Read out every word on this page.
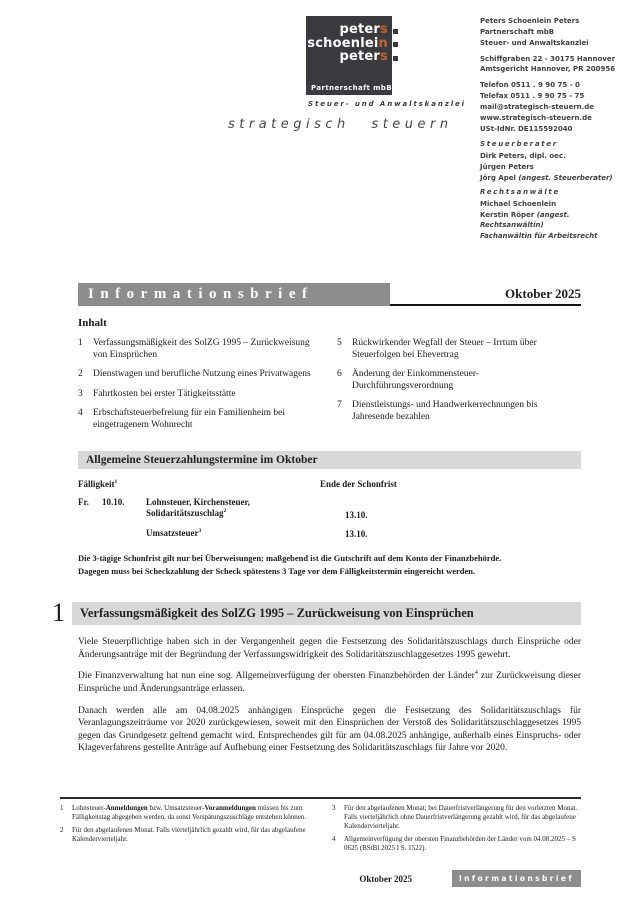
peters
schoenlein
peters
Partnerschaft mbB
Steuer- und Anwaltskanzlei
strategisch steuern
Peters Schoenlein Peters
Partnerschaft mbB
Steuer- und Anwaltskanzlei
Schiffgraben 22 - 30175 Hannover
Amtsgericht Hannover, PR 200956
Telefon 0511 . 9 90 75 - 0
Telefax 0511 . 9 90 75 - 75
mail@strategisch-steuern.de
www.strategisch-steuern.de
USt-IdNr. DE115592040
Steuerberater
Dirk Peters, dipl. oec.
Jürgen Peters
Jörg Apel (angest. Steuerberater)
Rechtsanwälte
Michael Schoenlein
Kerstin Röper (angest. Rechtsanwältin)
Fachanwältin für Arbeitsrecht
Informationsbrief	Oktober 2025
Inhalt
1	Verfassungsmäßigkeit des SolZG 1995 – Zurückweisung von Einsprüchen
2	Dienstwagen und berufliche Nutzung eines Privatwagens
3	Fahrtkosten bei erster Tätigkeitsstätte
4	Erbschaftsteuerbefreiung für ein Familienheim bei eingetragenem Wohnrecht
5	Rückwirkender Wegfall der Steuer – Irrtum über Steuerfolgen bei Ehevertrag
6	Änderung der Einkommensteuer-Durchführungsverordnung
7	Dienstleistungs- und Handwerkerrechnungen bis Jahresende bezahlen
Allgemeine Steuerzahlungstermine im Oktober
Fälligkeit$^1$	Ende der Schonfrist
Fr.	10.10.	Lohnsteuer, Kirchensteuer,
Solidaritätszuschlag$^2$	13.10.
Umsatzsteuer$^3$	13.10.
Die 3-tägige Schonfrist gilt nur bei Überweisungen; maßgebend ist die Gutschrift auf dem Konto der Finanzbehörde.
Dagegen muss bei Scheckzahlung der Scheck spätestens 3 Tage vor dem Fälligkeitstermin eingereicht werden.
1	Verfassungsmäßigkeit des SolZG 1995 – Zurückweisung von Einsprüchen

Viele Steuerpflichtige haben sich in der Vergangenheit gegen die Festsetzung des Solidaritätszuschlags durch Einsprüche oder Änderungsanträge mit der Begründung der Verfassungswidrigkeit des Solidaritätszuschlaggesetzes 1995 gewehrt.

Die Finanzverwaltung hat nun eine sog. Allgemeinverfügung der obersten Finanzbehörden der Länder$^4$ zur Zurückweisung dieser Einsprüche und Änderungsanträge erlassen.

Danach werden alle am 04.08.2025 anhängigen Einsprüche gegen die Festsetzung des Solidaritätszuschlags für Veranlagungszeiträume vor 2020 zurückgewiesen, soweit mit den Einsprüchen der Verstoß des Solidaritätszuschlaggesetzes 1995 gegen das Grundgesetz geltend gemacht wird. Entsprechendes gilt für am 04.08.2025 anhängige, außerhalb eines Einspruchs- oder Klageverfahrens gestellte Anträge auf Aufhebung einer Festsetzung des Solidaritätszuschlags für Jahre vor 2020.

1	Lohnsteuer-Anmeldungen bzw. Umsatzsteuer-Voranmeldungen müssen bis zum Fälligkeitstag abgegeben werden, da sonst Verspätungszuschläge entstehen können.
2	Für den abgelaufenen Monat. Falls vierteljährlich gezahlt wird, für das abgelaufene Kalendervierteljahr.
3	Für den abgelaufenen Monat; bei Dauerfristverlängerung für den vorletzten Monat. Falls vierteljährlich ohne Dauerfristverlängerung gezahlt wird, für das abgelaufene Kalendervierteljahr.
4	Allgemeinverfügung der obersten Finanzbehörden der Länder vom 04.08.2025 – S 0625 (BStBl 2025 I S. 1522).
Oktober 2025	Informationsbrief
